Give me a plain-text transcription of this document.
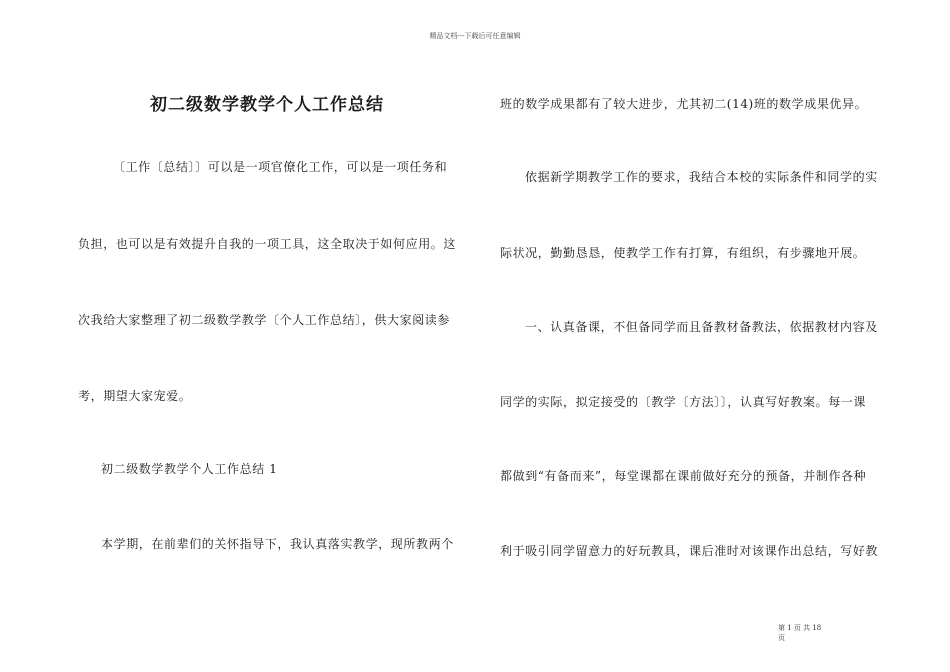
精品文档---下载后可任意编辑
初二级数学教学个人工作总结
〔工作〔总结〕〕可以是一项官僚化工作，可以是一项任务和
负担，也可以是有效提升自我的一项工具，这全取决于如何应用。这
次我给大家整理了初二级数学教学〔个人工作总结〕，供大家阅读参
考，期望大家宠爱。
初二级数学教学个人工作总结 1
本学期，在前辈们的关怀指导下，我认真落实教学，现所教两个
班的数学成果都有了较大进步，尤其初二(14)班的数学成果优异。
依据新学期教学工作的要求，我结合本校的实际条件和同学的实
际状况，勤勤恳恳，使教学工作有打算，有组织，有步骤地开展。
一、认真备课，不但备同学而且备教材备教法，依据教材内容及
同学的实际，拟定接受的〔教学〔方法〕〕，认真写好教案。每一课
都做到“有备而来”，每堂课都在课前做好充分的预备，并制作各种
利于吸引同学留意力的好玩教具，课后准时对该课作出总结，写好教
第 1 页 共 18
页
